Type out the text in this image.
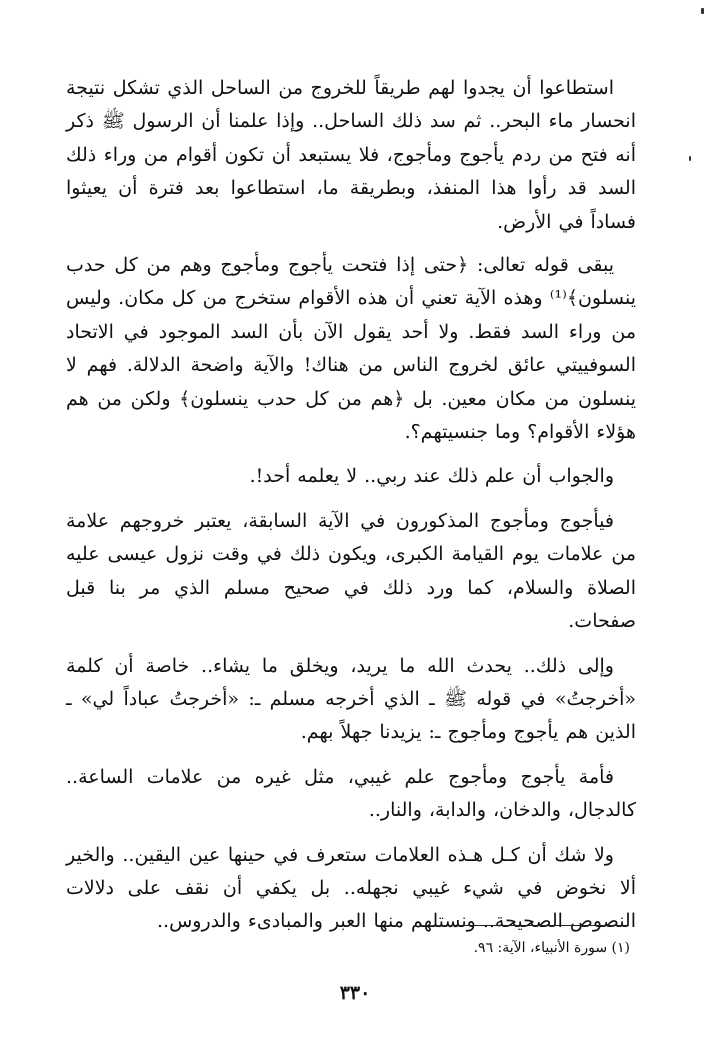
استطاعوا أن يجدوا لهم طريقاً للخروج من الساحل الذي تشكل نتيجة انحسار ماء البحر.. ثم سد ذلك الساحل.. وإذا علمنا أن الرسول ﷺ ذكر أنه فتح من ردم يأجوج ومأجوج، فلا يستبعد أن تكون أقوام من وراء ذلك السد قد رأوا هذا المنفذ، وبطريقة ما، استطاعوا بعد فترة أن يعيثوا فساداً في الأرض.

يبقى قوله تعالى: ﴿حتى إذا فتحت يأجوج ومأجوج وهم من كل حدب ينسلون﴾⁽¹⁾ وهذه الآية تعني أن هذه الأقوام ستخرج من كل مكان. وليس من وراء السد فقط. ولا أحد يقول الآن بأن السد الموجود في الاتحاد السوفييتي عائق لخروج الناس من هناك! والآية واضحة الدلالة. فهم لا ينسلون من مكان معين. بل ﴿هم من كل حدب ينسلون﴾ ولكن من هم هؤلاء الأقوام؟ وما جنسيتهم؟.

والجواب أن علم ذلك عند ربي.. لا يعلمه أحد!.

فيأجوج ومأجوج المذكورون في الآية السابقة، يعتبر خروجهم علامة من علامات يوم القيامة الكبرى، ويكون ذلك في وقت نزول عيسى عليه الصلاة والسلام، كما ورد ذلك في صحيح مسلم الذي مر بنا قبل صفحات.

وإلى ذلك.. يحدث الله ما يريد، ويخلق ما يشاء.. خاصة أن كلمة «أخرجتُ» في قوله ﷺ ـ الذي أخرجه مسلم ـ: «أخرجتُ عباداً لي» ـ الذين هم يأجوج ومأجوج ـ: يزيدنا جهلاً بهم.

فأمة يأجوج ومأجوج علم غيبي، مثل غيره من علامات الساعة.. كالدجال، والدخان، والدابة، والنار..

ولا شك أن كـل هـذه العلامات ستعرف في حينها عين اليقين.. والخير ألا نخوض في شيء غيبي نجهله.. بل يكفي أن نقف على دلالات النصوص الصحيحة.. ونستلهم منها العبر والمبادىء والدروس..

(١) سورة الأنبياء، الآية: ٩٦.
٣٣٠
